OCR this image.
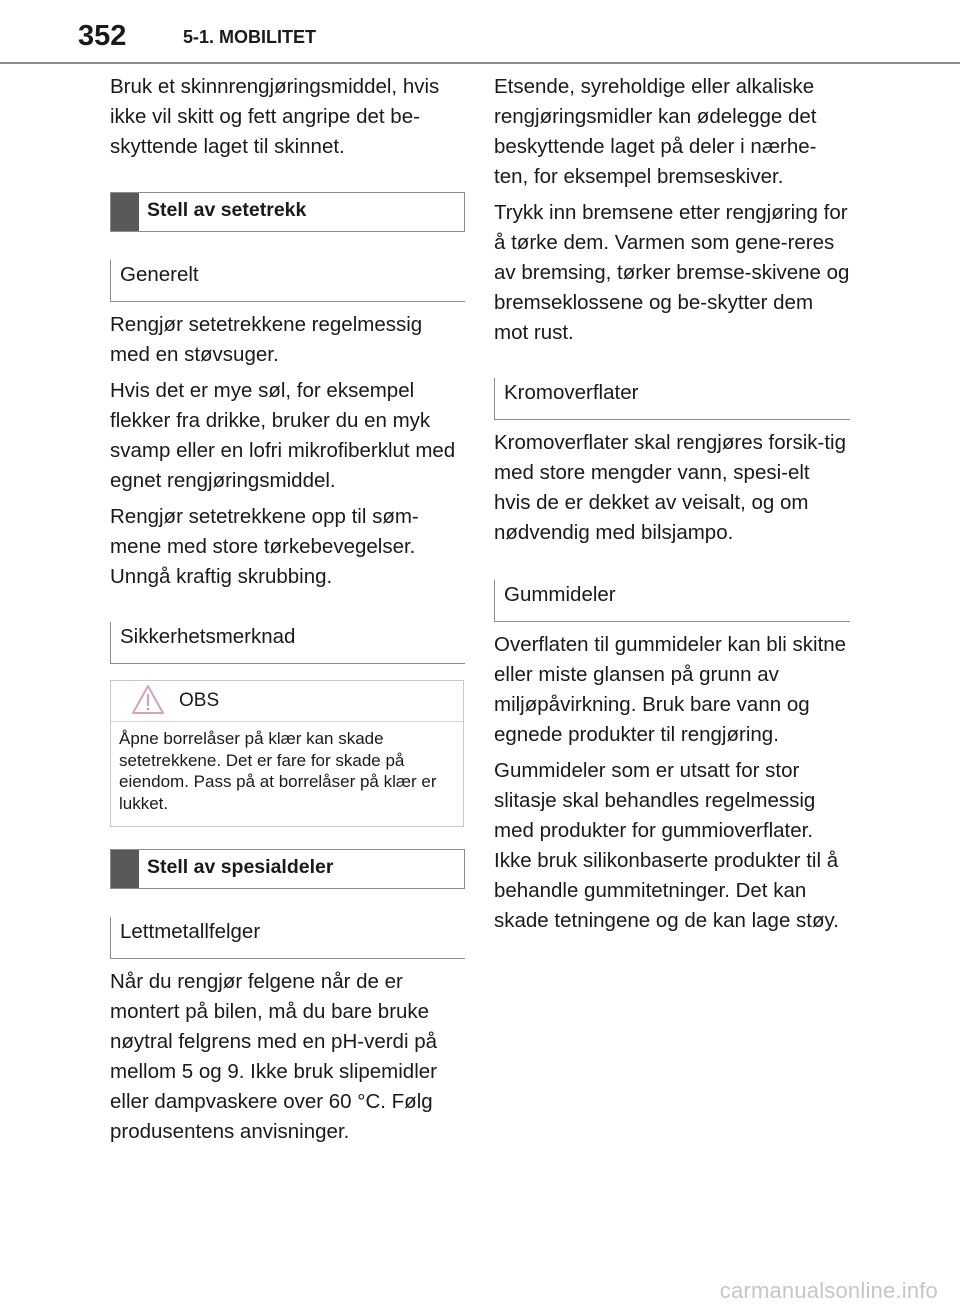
352	5-1. MOBILITET

Bruk et skinnrengjøringsmiddel, hvis ikke vil skitt og fett angripe det be-skyttende laget til skinnet.

Stell av setetrekk
Generelt

Rengjør setetrekkene regelmessig med en støvsuger.

Hvis det er mye søl, for eksempel flekker fra drikke, bruker du en myk svamp eller en lofri mikrofiberklut med egnet rengjøringsmiddel.

Rengjør setetrekkene opp til søm-mene med store tørkebevegelser. Unngå kraftig skrubbing.

Sikkerhetsmerknad
OBS
Åpne borrelåser på klær kan skade setetrekkene. Det er fare for skade på eiendom. Pass på at borrelåser på klær er lukket.
Stell av spesialdeler
Lettmetallfelger

Når du rengjør felgene når de er montert på bilen, må du bare bruke nøytral felgrens med en pH-verdi på mellom 5 og 9. Ikke bruk slipemidler eller dampvaskere over 60 °C. Følg produsentens anvisninger.

Etsende, syreholdige eller alkaliske rengjøringsmidler kan ødelegge det beskyttende laget på deler i nærhe-ten, for eksempel bremseskiver.

Trykk inn bremsene etter rengjøring for å tørke dem. Varmen som gene-reres av bremsing, tørker bremse-skivene og bremseklossene og be-skytter dem mot rust.

Kromoverflater

Kromoverflater skal rengjøres forsik-tig med store mengder vann, spesi-elt hvis de er dekket av veisalt, og om nødvendig med bilsjampo.

Gummideler

Overflaten til gummideler kan bli skitne eller miste glansen på grunn av miljøpåvirkning. Bruk bare vann og egnede produkter til rengjøring.

Gummideler som er utsatt for stor slitasje skal behandles regelmessig med produkter for gummioverflater. Ikke bruk silikonbaserte produkter til å behandle gummitetninger. Det kan skade tetningene og de kan lage støy.

carmanualsonline.info
